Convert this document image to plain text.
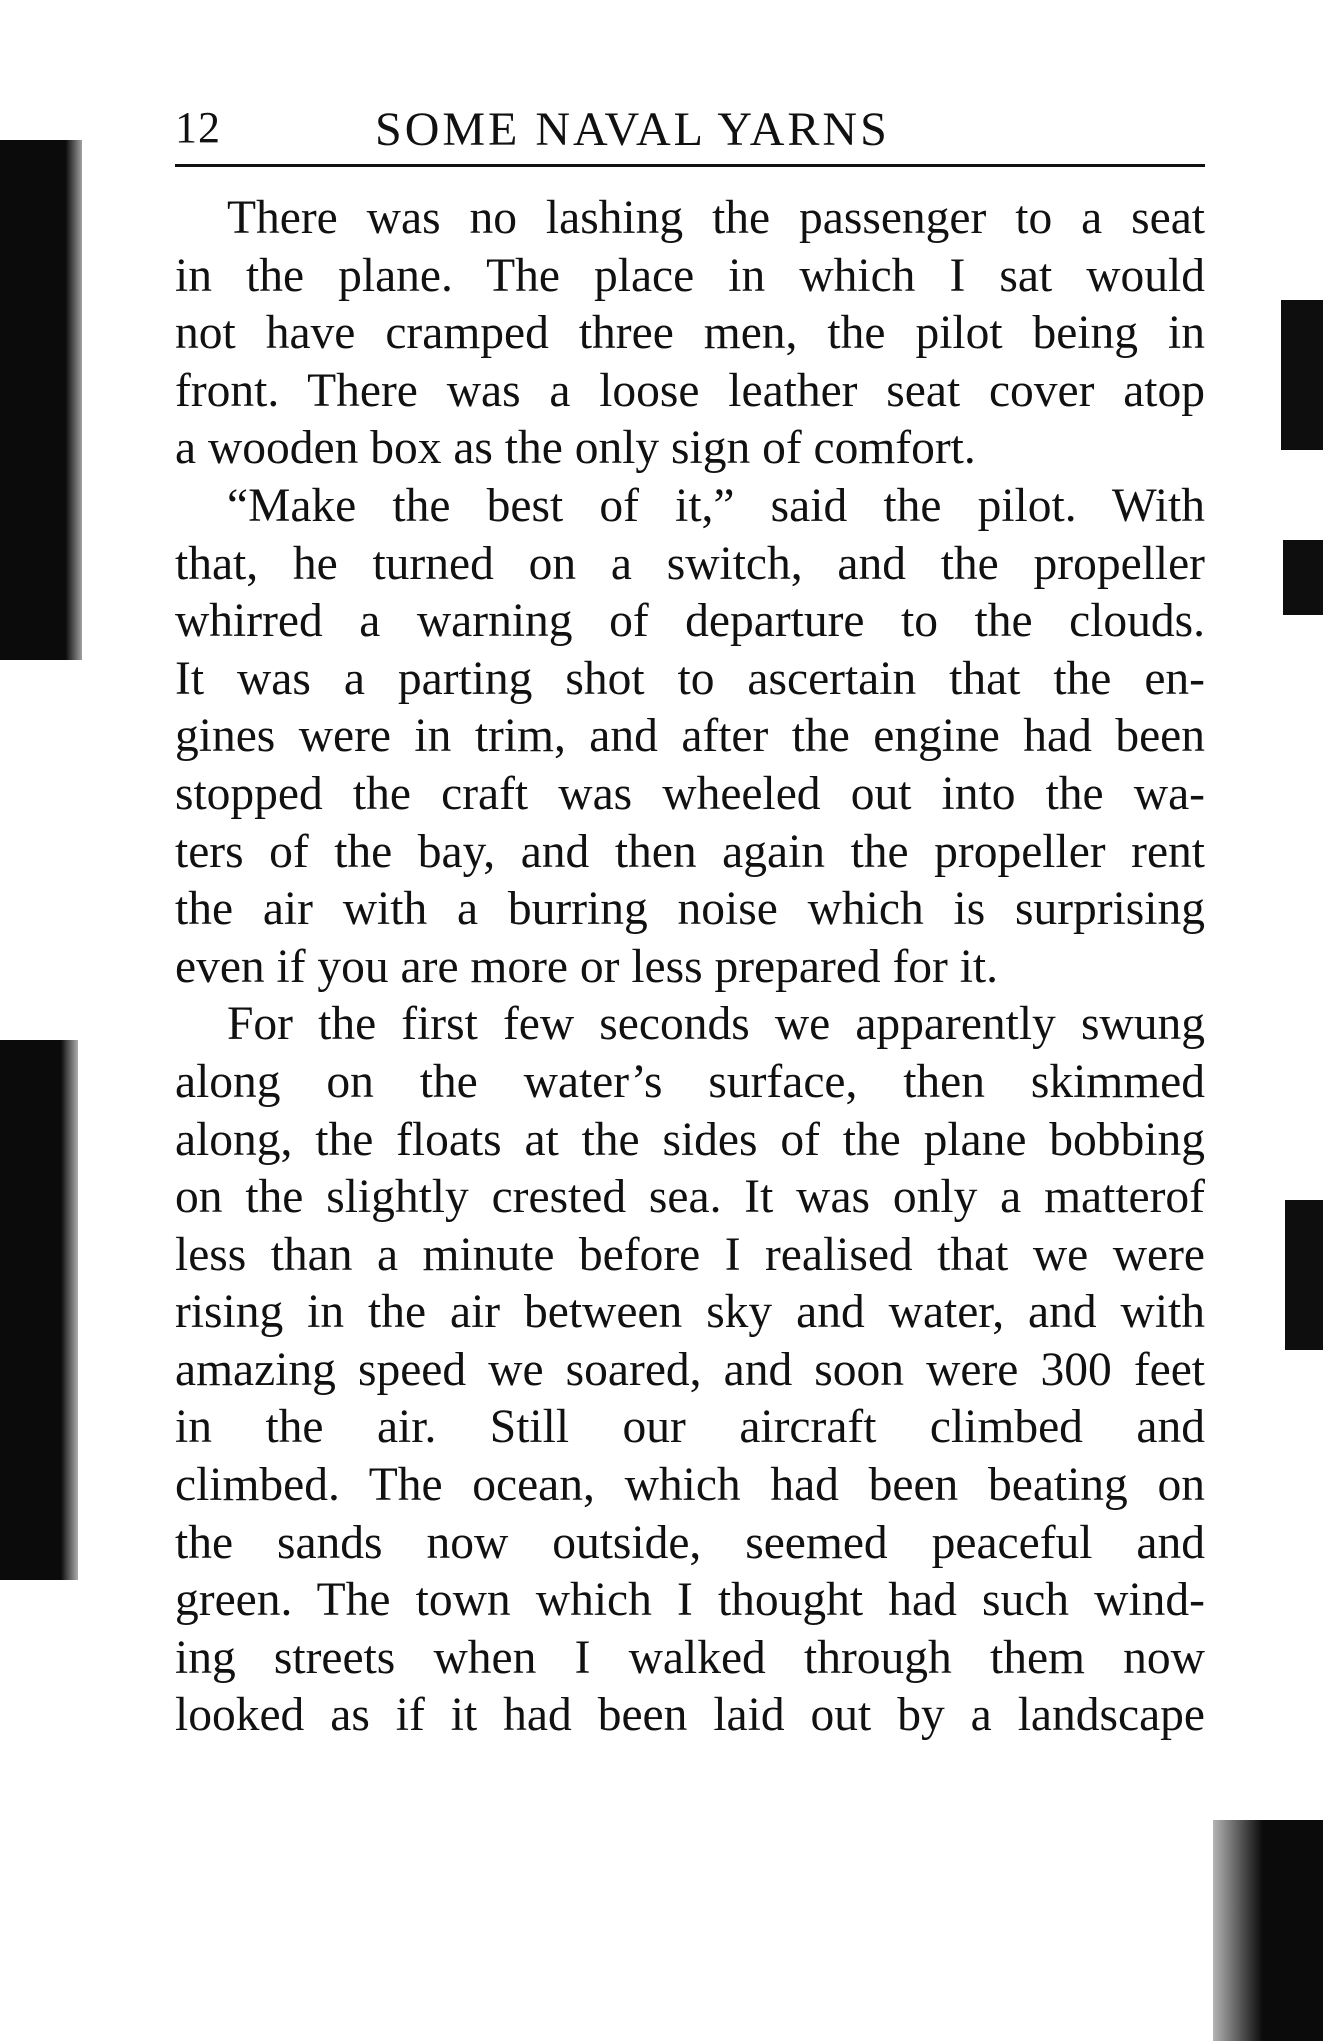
12	SOME NAVAL YARNS
There was no lashing the passenger to a seat
in the plane. The place in which I sat would
not have cramped three men, the pilot being in
front. There was a loose leather seat cover atop
a wooden box as the only sign of comfort.
“Make the best of it,” said the pilot. With
that, he turned on a switch, and the propeller
whirred a warning of departure to the clouds.
It was a parting shot to ascertain that the en-
gines were in trim, and after the engine had been
stopped the craft was wheeled out into the wa-
ters of the bay, and then again the propeller rent
the air with a burring noise which is surprising
even if you are more or less prepared for it.
For the first few seconds we apparently swung
along on the water’s surface, then skimmed
along, the floats at the sides of the plane bobbing
on the slightly crested sea. It was only a matterof
less than a minute before I realised that we were
rising in the air between sky and water, and with
amazing speed we soared, and soon were 300 feet
in the air. Still our aircraft climbed and
climbed. The ocean, which had been beating on
the sands now outside, seemed peaceful and
green. The town which I thought had such wind-
ing streets when I walked through them now
looked as if it had been laid out by a landscape
